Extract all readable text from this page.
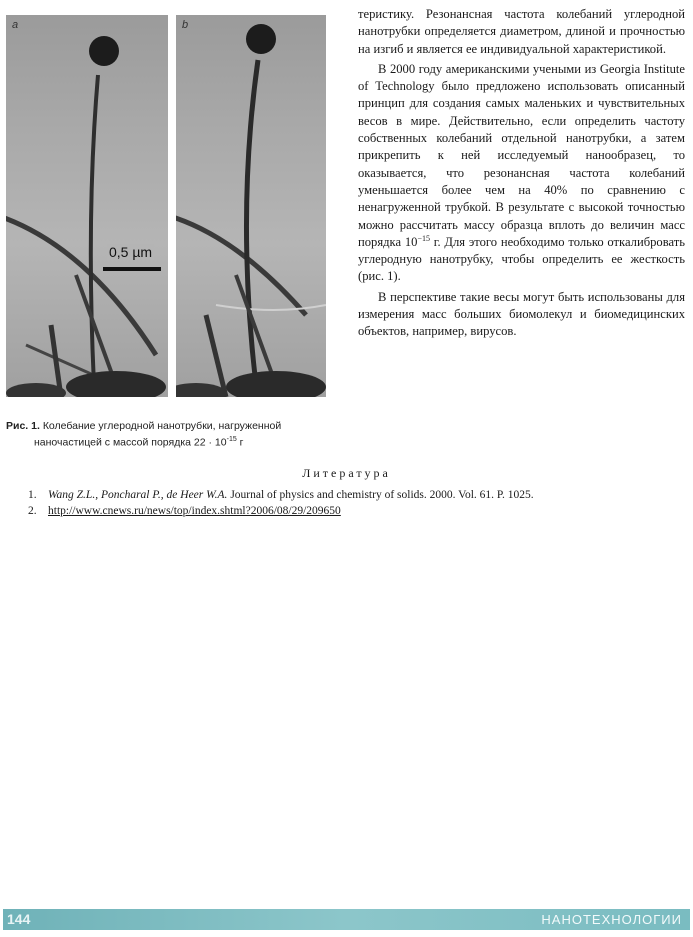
a	b
0,5 µm
Рис. 1. Колебание углеродной нанотрубки, нагруженной
наночастицей с массой порядка $22 \cdot 10^{-15}$ г

теристику. Резонансная частота колебаний углеродной нанотрубки определяется диаметром, длиной и прочностью на изгиб и является ее индивидуальной характеристикой.

В 2000 году американскими учеными из Georgia Institute of Technology было предложено использовать описанный принцип для создания самых маленьких и чувствительных весов в мире. Действительно, если определить частоту собственных колебаний отдельной нанотрубки, а затем прикрепить к ней исследуемый нанообразец, то оказывается, что резонансная частота колебаний уменьшается более чем на 40% по сравнению с ненагруженной трубкой. В результате с высокой точностью можно рассчитать массу образца вплоть до величин масс порядка $10^{-15}$ г. Для этого необходимо только откалибровать углеродную нанотрубку, чтобы определить ее жесткость (рис. 1).

В перспективе такие весы могут быть использованы для измерения масс больших биомолекул и биомедицинских объектов, например, вирусов.

Литература
1. Wang Z.L., Poncharal P., de Heer W.A. Journal of physics and chemistry of solids. 2000. Vol. 61. P. 1025.
2. http://www.cnews.ru/news/top/index.shtml?2006/08/29/209650
144	НАНОТЕХНОЛОГИИ
